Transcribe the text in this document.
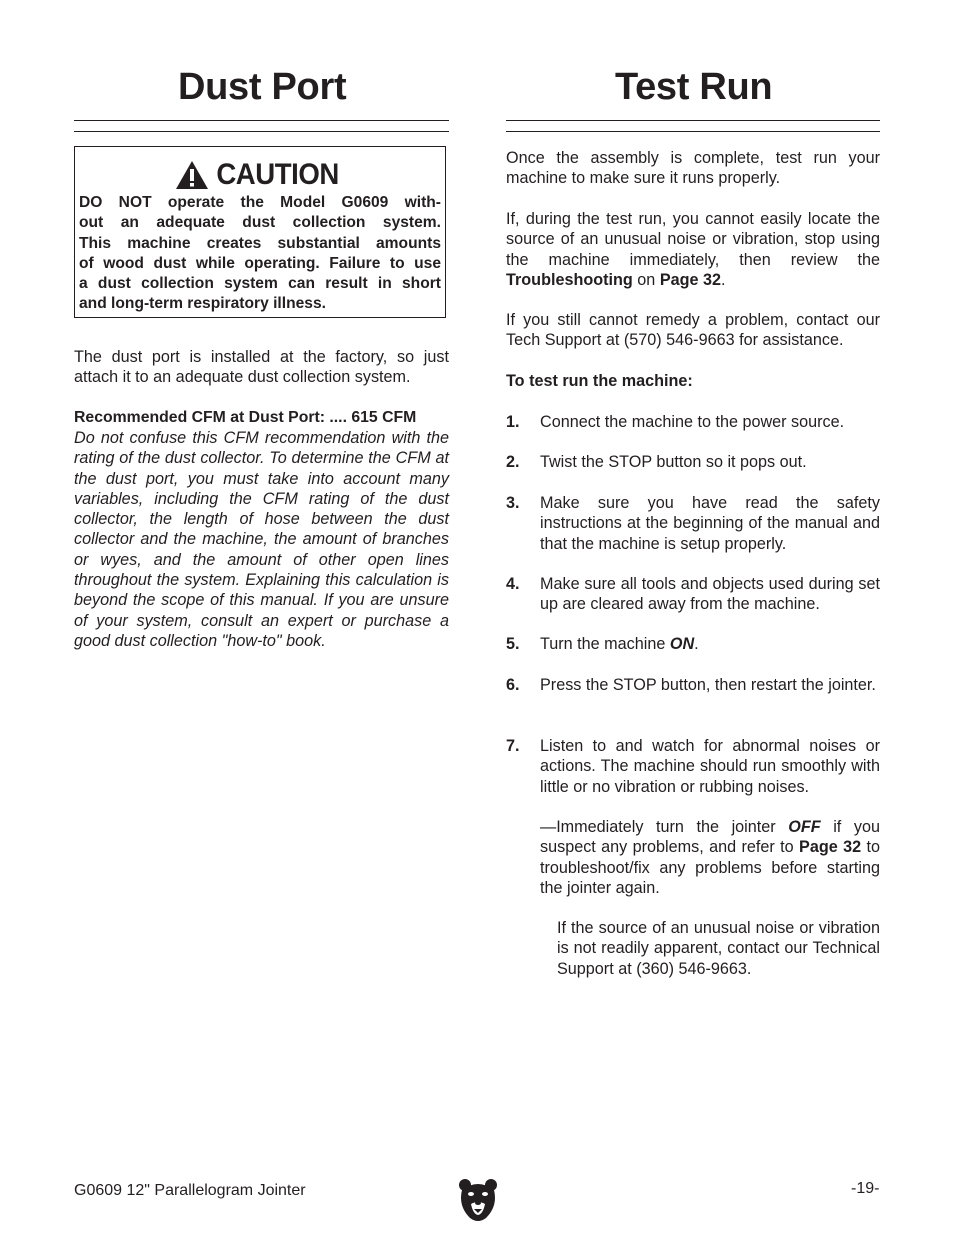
Dust Port
CAUTION
DO NOT operate the Model G0609 with-
out an adequate dust collection system.
This machine creates substantial amounts
of wood dust while operating. Failure to use
a dust collection system can result in short
and long-term respiratory illness.

The dust port is installed at the factory, so just attach it to an adequate dust collection system.

Recommended CFM at Dust Port: .... 615 CFM

Do not confuse this CFM recommendation with the rating of the dust collector. To determine the CFM at the dust port, you must take into account many variables, including the CFM rating of the dust collector, the length of hose between the dust collector and the machine, the amount of branches or wyes, and the amount of other open lines throughout the system. Explaining this calculation is beyond the scope of this manual. If you are unsure of your system, consult an expert or purchase a good dust collection "how-to" book.

Test Run

Once the assembly is complete, test run your machine to make sure it runs properly.

If, during the test run, you cannot easily locate the source of an unusual noise or vibration, stop using the machine immediately, then review the Troubleshooting on Page 32.

If you still cannot remedy a problem, contact our Tech Support at (570) 546-9663 for assistance.

To test run the machine:

1.	Connect the machine to the power source.
2.	Twist the STOP button so it pops out.
3.	Make sure you have read the safety instructions at the beginning of the manual and that the machine is setup properly.
4.	Make sure all tools and objects used during set up are cleared away from the machine.
5.	Turn the machine ON.
6.	Press the STOP button, then restart the jointer.
7.	Listen to and watch for abnormal noises or actions. The machine should run smoothly with little or no vibration or rubbing noises.

—Immediately turn the jointer OFF if you suspect any problems, and refer to Page 32 to troubleshoot/fix any problems before starting the jointer again.

If the source of an unusual noise or vibration is not readily apparent, contact our Technical Support at (360) 546-9663.

G0609 12" Parallelogram Jointer	-19-
